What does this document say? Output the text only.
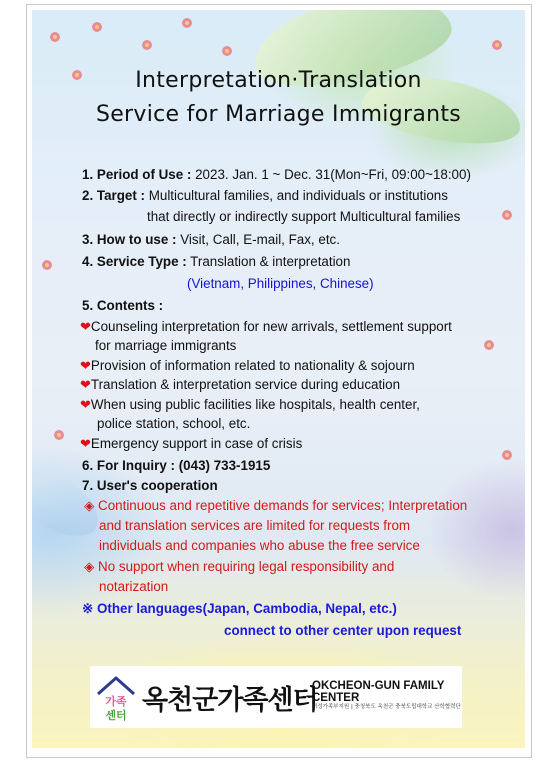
Interpretation·Translation
Service for Marriage Immigrants
1. Period of Use : 2023. Jan. 1 ~ Dec. 31(Mon~Fri, 09:00~18:00)
2. Target : Multicultural families, and individuals or institutions
that directly or indirectly support Multicultural families
3. How to use : Visit, Call, E-mail, Fax, etc.
4. Service Type : Translation & interpretation
(Vietnam, Philippines, Chinese)
5. Contents :
❤Counseling interpretation for new arrivals, settlement support
for marriage immigrants
❤Provision of information related to nationality & sojourn
❤Translation & interpretation service during education
❤When using public facilities like hospitals, health center,
police station, school, etc.
❤Emergency support in case of crisis
6. For Inquiry : (043) 733-1915
7. User's cooperation
◈ Continuous and repetitive demands for services; Interpretation
and translation services are limited for requests from
individuals and companies who abuse the free service
◈ No support when requiring legal responsibility and
notarization
※ Other languages(Japan, Cambodia, Nepal, etc.)
connect to other center upon request
가족
센터 옥천군가족센터
OKCHEON-GUN FAMILY CENTER
여성가족부지원 | 충청북도 옥천군 충북도립대학교 산학협력단
